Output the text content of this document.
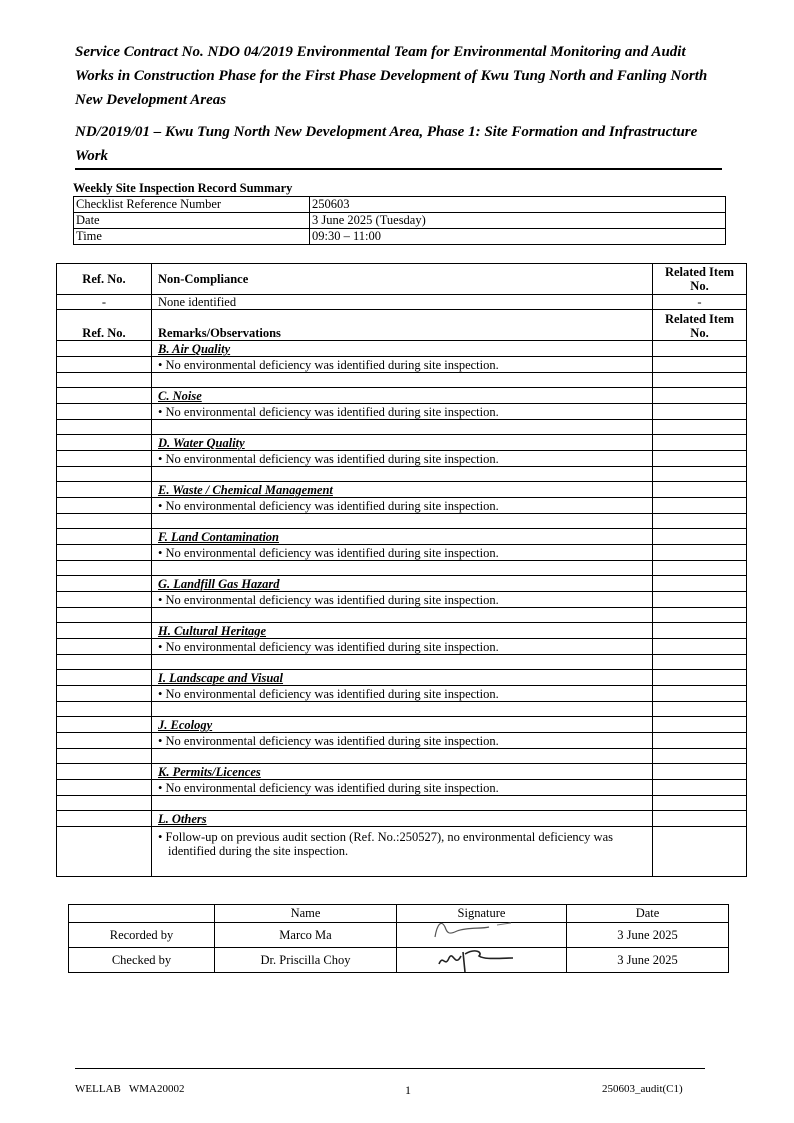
Service Contract No. NDO 04/2019 Environmental Team for Environmental Monitoring and Audit Works in Construction Phase for the First Phase Development of Kwu Tung North and Fanling North New Development Areas

ND/2019/01 – Kwu Tung North New Development Area, Phase 1: Site Formation and Infrastructure Work

Weekly Site Inspection Record Summary
Checklist Reference Number	250603
Date	3 June 2025 (Tuesday)
Time	09:30 – 11:00
Ref. No.	Non-Compliance	Related Item No.
-	None identified	-
Ref. No.	Remarks/Observations	Related Item No.
	B. Air Quality	
	• No environmental deficiency was identified during site inspection.	

	C. Noise	
	• No environmental deficiency was identified during site inspection.	

	D. Water Quality	
	• No environmental deficiency was identified during site inspection.	

	E. Waste / Chemical Management	
	• No environmental deficiency was identified during site inspection.	

	F. Land Contamination	
	• No environmental deficiency was identified during site inspection.	

	G. Landfill Gas Hazard	
	• No environmental deficiency was identified during site inspection.	

	H. Cultural Heritage	
	• No environmental deficiency was identified during site inspection.	

	I. Landscape and Visual	
	• No environmental deficiency was identified during site inspection.	

	J. Ecology	
	• No environmental deficiency was identified during site inspection.	

	K. Permits/Licences	
	• No environmental deficiency was identified during site inspection.	

	L. Others	
	• Follow-up on previous audit section (Ref. No.:250527), no environmental deficiency was identified during the site inspection.	
	Name	Signature	Date
Recorded by	Marco Ma		3 June 2025
Checked by	Dr. Priscilla Choy		3 June 2025
WELLAB   WMA20002	1	250603_audit(C1)
